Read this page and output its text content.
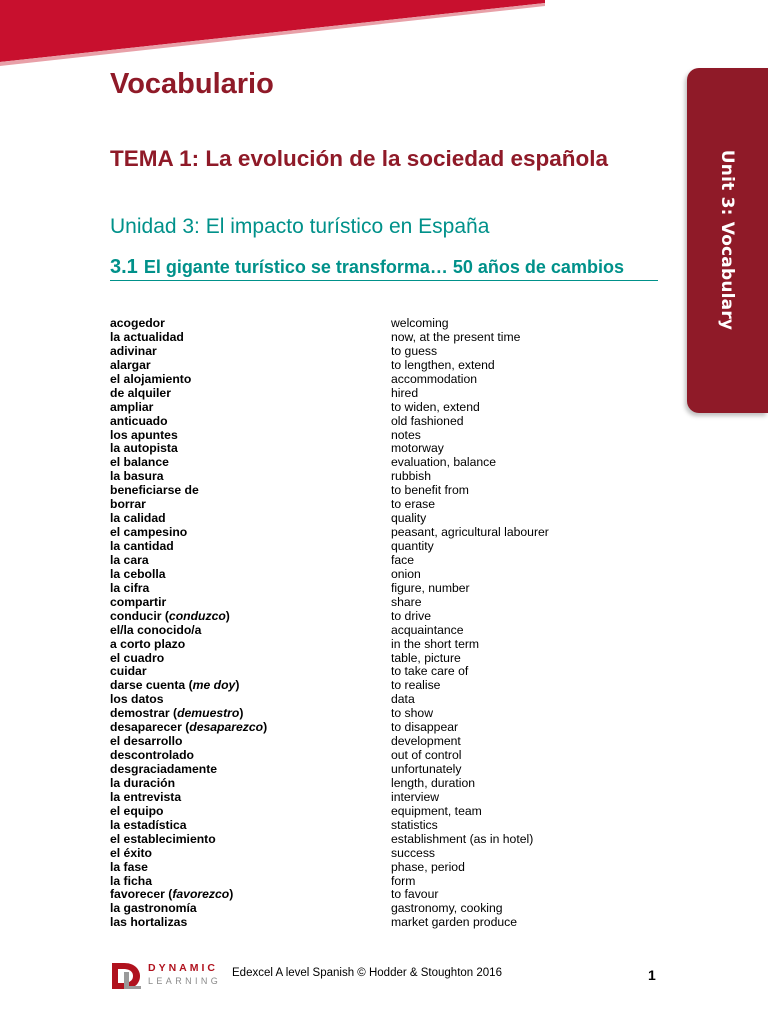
Unit 3: Vocabulary
Vocabulario
TEMA 1: La evolución de la sociedad española
Unidad 3: El impacto turístico en España
3.1 El gigante turístico se transforma… 50 años de cambios
acogedor	welcoming
la actualidad	now, at the present time
adivinar	to guess
alargar	to lengthen, extend
el alojamiento	accommodation
de alquiler	hired
ampliar	to widen, extend
anticuado	old fashioned
los apuntes	notes
la autopista	motorway
el balance	evaluation, balance
la basura	rubbish
beneficiarse de	to benefit from
borrar	to erase
la calidad	quality
el campesino	peasant, agricultural labourer
la cantidad	quantity
la cara	face
la cebolla	onion
la cifra	figure, number
compartir	share
conducir (conduzco)	to drive
el/la conocido/a	acquaintance
a corto plazo	in the short term
el cuadro	table, picture
cuidar	to take care of
darse cuenta (me doy)	to realise
los datos	data
demostrar (demuestro)	to show
desaparecer (desaparezco)	to disappear
el desarrollo	development
descontrolado	out of control
desgraciadamente	unfortunately
la duración	length, duration
la entrevista	interview
el equipo	equipment, team
la estadística	statistics
el establecimiento	establishment (as in hotel)
el éxito	success
la fase	phase, period
la ficha	form
favorecer (favorezco)	to favour
la gastronomía	gastronomy, cooking
las hortalizas	market garden produce
DYNAMIC
LEARNING
Edexcel A level Spanish © Hodder & Stoughton 2016	1
